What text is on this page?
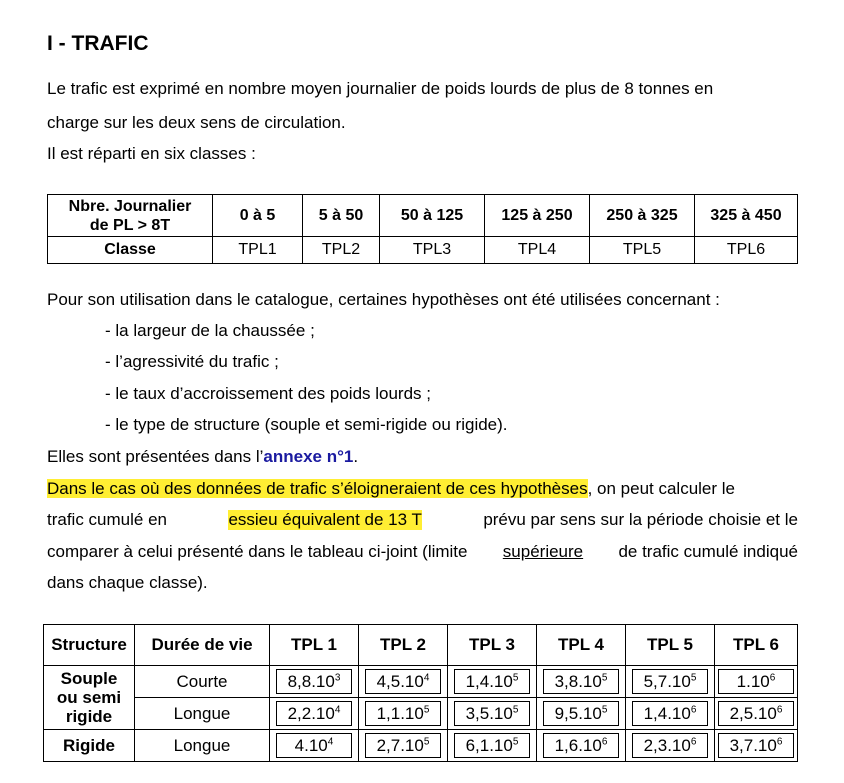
I - TRAFIC
Le trafic est exprimé en nombre moyen journalier de poids lourds de plus de 8 tonnes en
charge sur les deux sens de circulation.
Il est réparti en six classes :
Nbre. Journalier
de PL > 8T	0 à 5	5 à 50	50 à 125	125 à 250	250 à 325	325 à 450
Classe	TPL1	TPL2	TPL3	TPL4	TPL5	TPL6
Pour son utilisation dans le catalogue, certaines hypothèses ont été utilisées concernant :
- la largeur de la chaussée ;
- l’agressivité du trafic ;
- le taux d’accroissement des poids lourds ;
- le type de structure (souple et semi-rigide ou rigide).
Elles sont présentées dans l’annexe n°1.
Dans le cas où des données de trafic s’éloigneraient de ces hypothèses, on peut calculer le
trafic cumulé en	essieu équivalent de 13 T	prévu par sens sur la période choisie et le
comparer à celui présenté dans le tableau ci-joint (limite supérieure de trafic cumulé indiqué
dans chaque classe).
Structure	Durée de vie	TPL 1	TPL 2	TPL 3	TPL 4	TPL 5	TPL 6

Souple
ou semi
rigide	Courte	8,8.10$^3$	4,5.10$^4$	1,4.10$^5$	3,8.10$^5$	5,7.10$^5$	1.10$^6$
	Longue	2,2.10$^4$	1,1.10$^5$	3,5.10$^5$	9,5.10$^5$	1,4.10$^6$	2,5.10$^6$
Rigide	Longue	4.10$^4$	2,7.10$^5$	6,1.10$^5$	1,6.10$^6$	2,3.10$^6$	3,7.10$^6$
